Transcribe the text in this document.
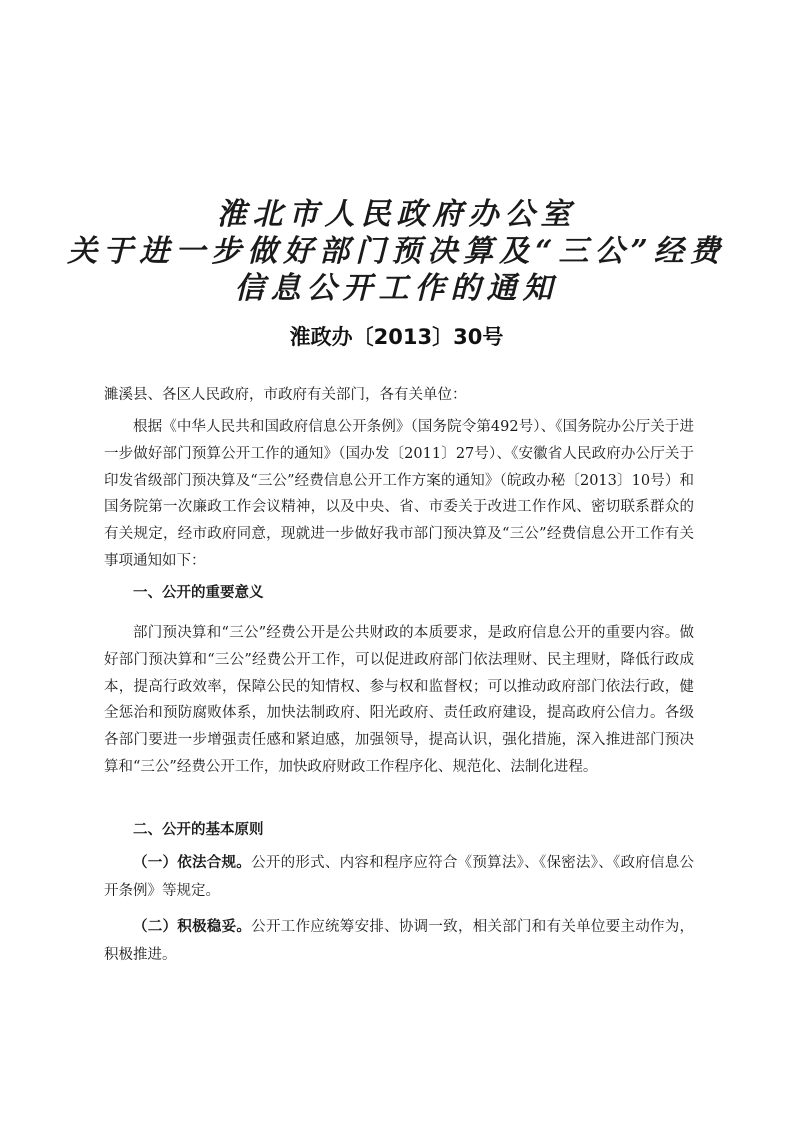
淮北市人民政府办公室
关于进一步做好部门预决算及“三公”经费
信息公开工作的通知
淮政办〔2013〕30号

濉溪县、各区人民政府，市政府有关部门，各有关单位：

根据《中华人民共和国政府信息公开条例》（国务院令第492号）、《国务院办公厅关于进一步做好部门预算公开工作的通知》（国办发〔2011〕27号）、《安徽省人民政府办公厅关于印发省级部门预决算及“三公”经费信息公开工作方案的通知》（皖政办秘〔2013〕10号）和国务院第一次廉政工作会议精神，以及中央、省、市委关于改进工作作风、密切联系群众的有关规定，经市政府同意，现就进一步做好我市部门预决算及“三公”经费信息公开工作有关事项通知如下：

一、公开的重要意义

部门预决算和“三公”经费公开是公共财政的本质要求，是政府信息公开的重要内容。做好部门预决算和“三公”经费公开工作，可以促进政府部门依法理财、民主理财，降低行政成本，提高行政效率，保障公民的知情权、参与权和监督权；可以推动政府部门依法行政，健全惩治和预防腐败体系，加快法制政府、阳光政府、责任政府建设，提高政府公信力。各级各部门要进一步增强责任感和紧迫感，加强领导，提高认识，强化措施，深入推进部门预决算和“三公”经费公开工作，加快政府财政工作程序化、规范化、法制化进程。

二、公开的基本原则

（一）依法合规。公开的形式、内容和程序应符合《预算法》、《保密法》、《政府信息公开条例》等规定。

（二）积极稳妥。公开工作应统筹安排、协调一致，相关部门和有关单位要主动作为，积极推进。
